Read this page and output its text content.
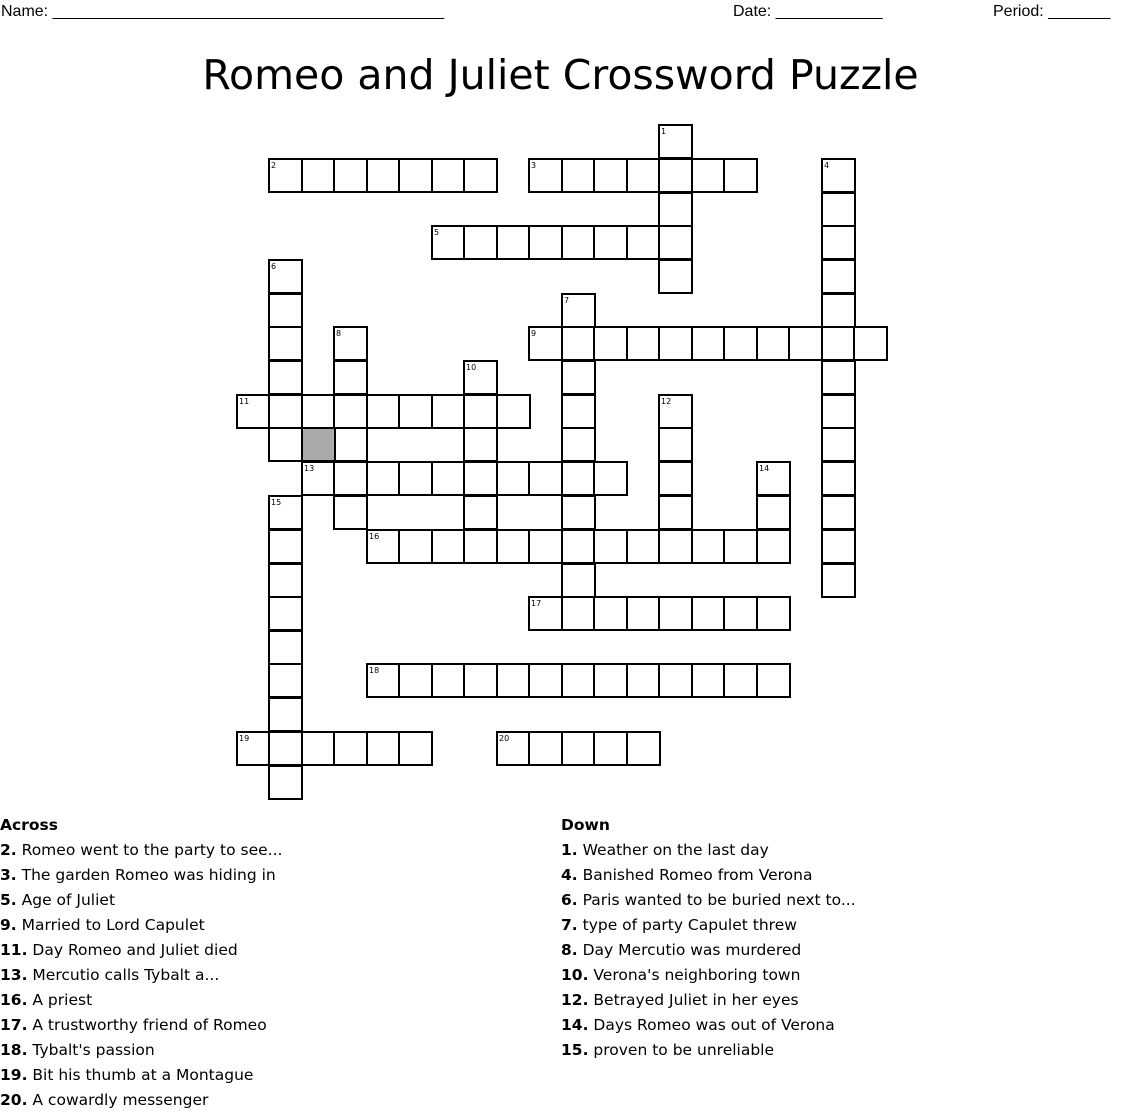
Name: ____________________________________________	Date: ____________	Period: _______
Romeo and Juliet Crossword Puzzle
1
2	3	4
5
6
7
8	9
10
11	12
13	14
15
16
17
18
19	20
Across
2. Romeo went to the party to see...
3. The garden Romeo was hiding in
5. Age of Juliet
9. Married to Lord Capulet
11. Day Romeo and Juliet died
13. Mercutio calls Tybalt a...
16. A priest
17. A trustworthy friend of Romeo
18. Tybalt's passion
19. Bit his thumb at a Montague
20. A cowardly messenger
Down
1. Weather on the last day
4. Banished Romeo from Verona
6. Paris wanted to be buried next to...
7. type of party Capulet threw
8. Day Mercutio was murdered
10. Verona's neighboring town
12. Betrayed Juliet in her eyes
14. Days Romeo was out of Verona
15. proven to be unreliable
